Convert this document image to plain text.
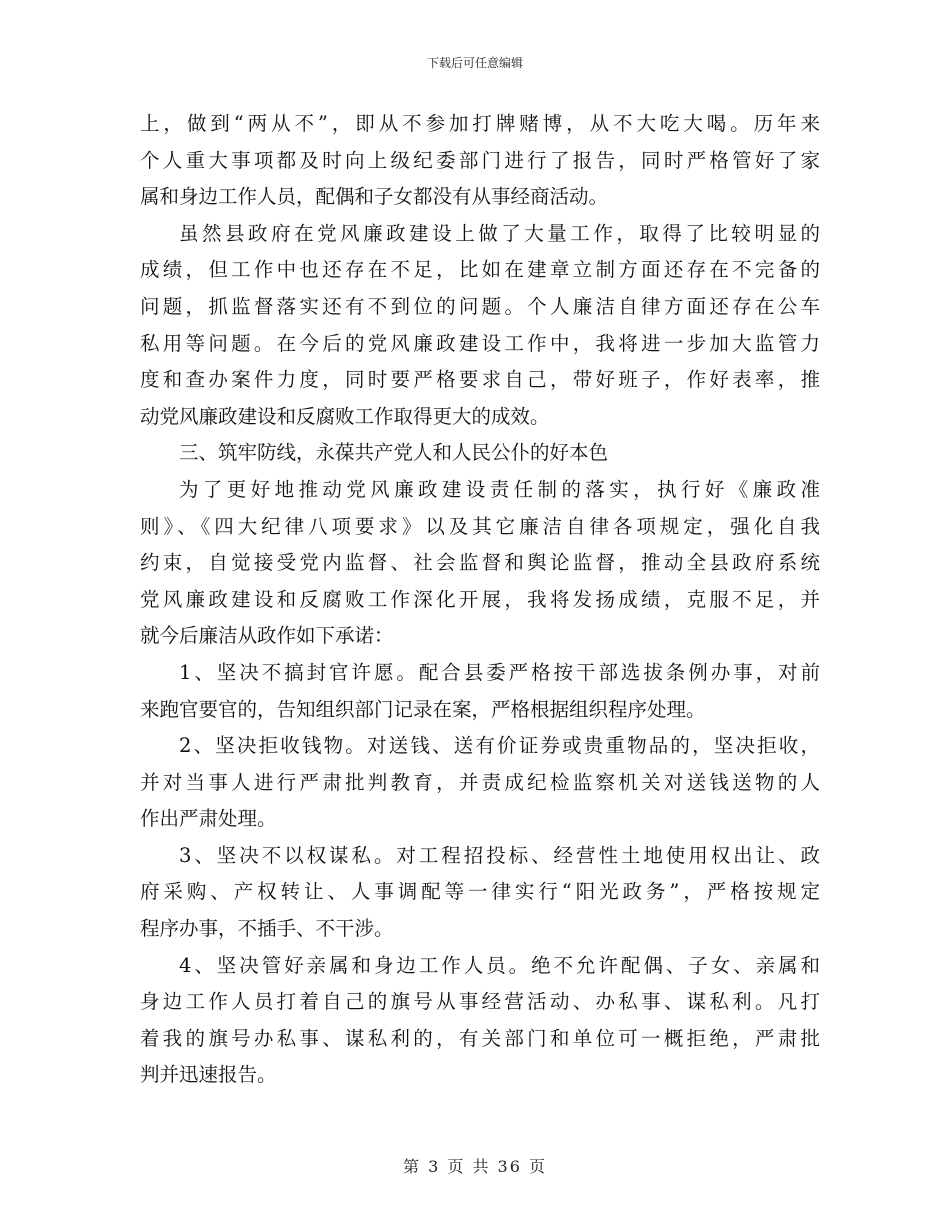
下载后可任意编辑
上，做到“两从不”，即从不参加打牌赌博，从不大吃大喝。历年来
个人重大事项都及时向上级纪委部门进行了报告，同时严格管好了家
属和身边工作人员，配偶和子女都没有从事经商活动。
虽然县政府在党风廉政建设上做了大量工作，取得了比较明显的
成绩，但工作中也还存在不足，比如在建章立制方面还存在不完备的
问题，抓监督落实还有不到位的问题。个人廉洁自律方面还存在公车
私用等问题。在今后的党风廉政建设工作中，我将进一步加大监管力
度和查办案件力度，同时要严格要求自己，带好班子，作好表率，推
动党风廉政建设和反腐败工作取得更大的成效。
三、筑牢防线，永葆共产党人和人民公仆的好本色
为了更好地推动党风廉政建设责任制的落实，执行好《廉政准
则》、《四大纪律八项要求》以及其它廉洁自律各项规定，强化自我
约束，自觉接受党内监督、社会监督和舆论监督，推动全县政府系统
党风廉政建设和反腐败工作深化开展，我将发扬成绩，克服不足，并
就今后廉洁从政作如下承诺：
1、坚决不搞封官许愿。配合县委严格按干部选拔条例办事，对前
来跑官要官的，告知组织部门记录在案，严格根据组织程序处理。
2、坚决拒收钱物。对送钱、送有价证券或贵重物品的，坚决拒收，
并对当事人进行严肃批判教育，并责成纪检监察机关对送钱送物的人
作出严肃处理。
3、坚决不以权谋私。对工程招投标、经营性土地使用权出让、政
府采购、产权转让、人事调配等一律实行“阳光政务”，严格按规定
程序办事，不插手、不干涉。
4、坚决管好亲属和身边工作人员。绝不允许配偶、子女、亲属和
身边工作人员打着自己的旗号从事经营活动、办私事、谋私利。凡打
着我的旗号办私事、谋私利的，有关部门和单位可一概拒绝，严肃批
判并迅速报告。
第 3 页 共 36 页
